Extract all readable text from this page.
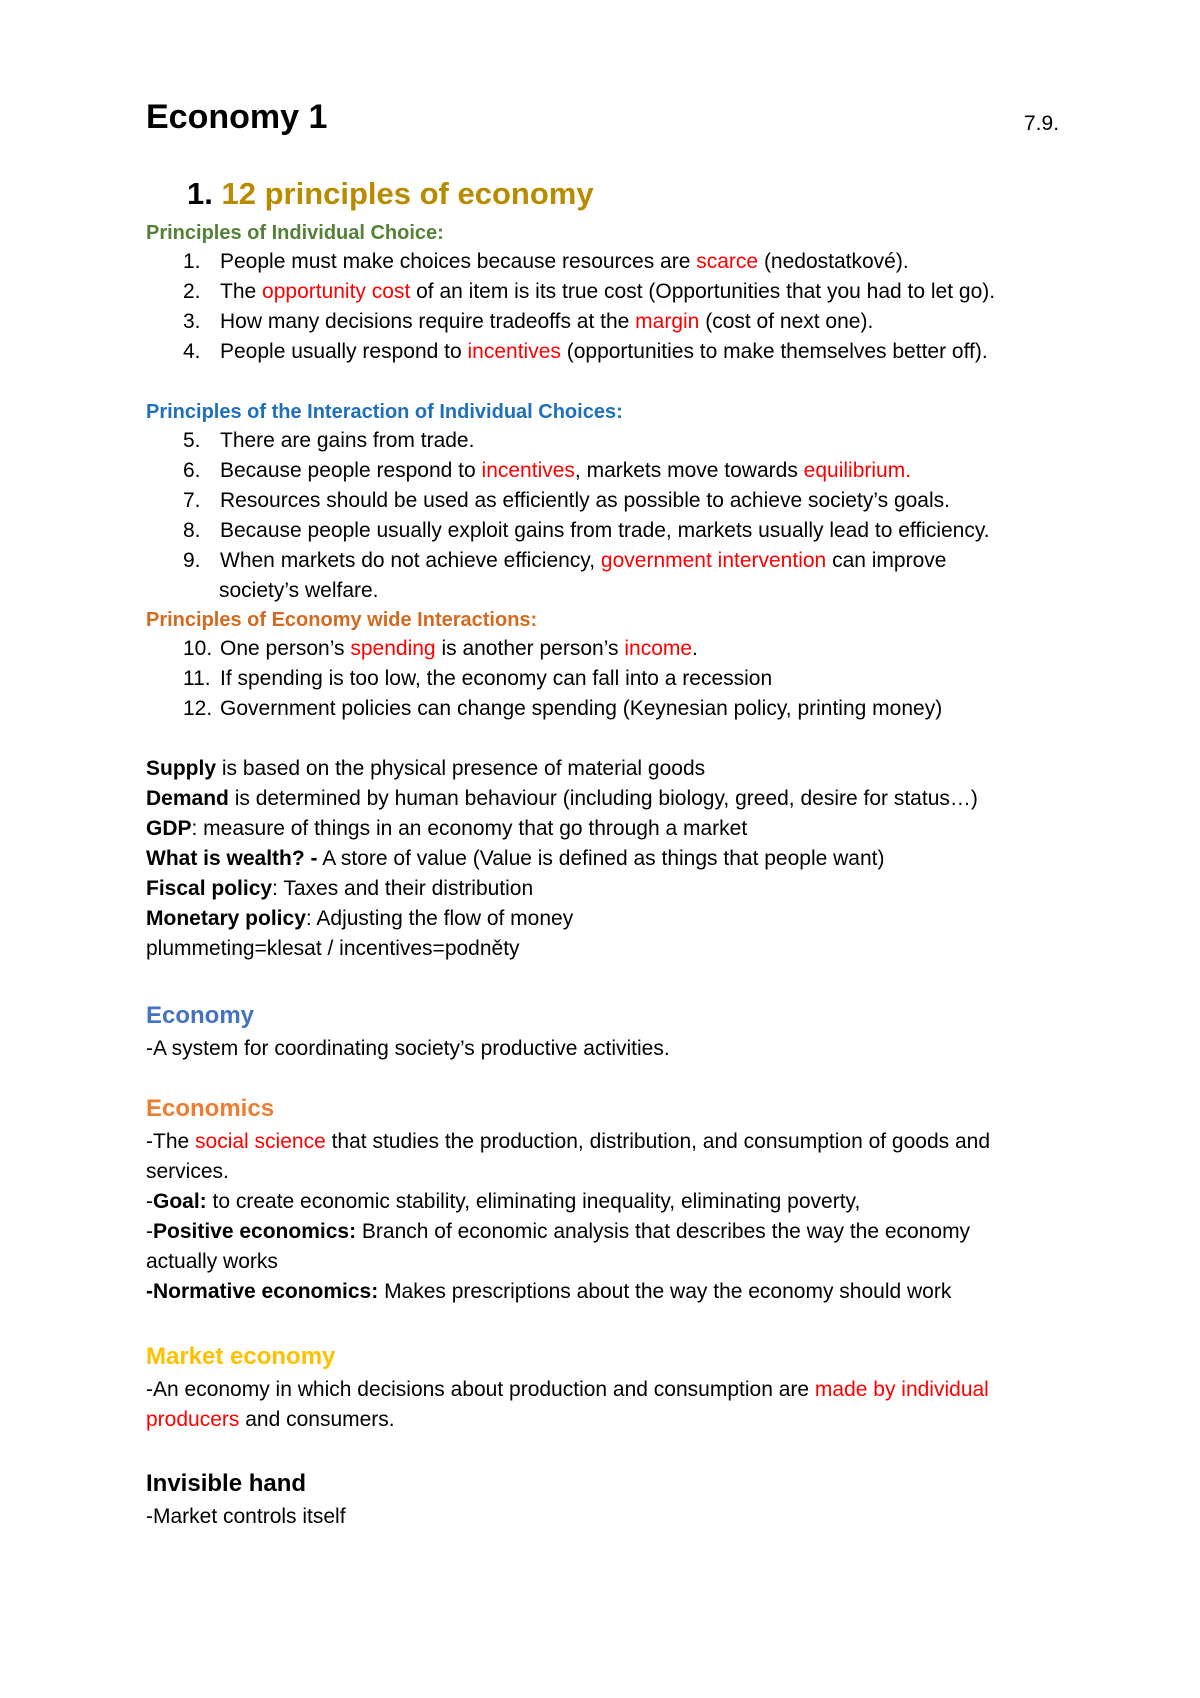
Economy 1	7.9.
1. 12 principles of economy
Principles of Individual Choice:
1. People must make choices because resources are scarce (nedostatkové).
2. The opportunity cost of an item is its true cost (Opportunities that you had to let go).
3. How many decisions require tradeoffs at the margin (cost of next one).
4. People usually respond to incentives (opportunities to make themselves better off).
Principles of the Interaction of Individual Choices:
5. There are gains from trade.
6. Because people respond to incentives, markets move towards equilibrium.
7. Resources should be used as efficiently as possible to achieve society’s goals.
8. Because people usually exploit gains from trade, markets usually lead to efficiency.
9. When markets do not achieve efficiency, government intervention can improve
society’s welfare.
Principles of Economy wide Interactions:
10. One person’s spending is another person’s income.
11. If spending is too low, the economy can fall into a recession
12. Government policies can change spending (Keynesian policy, printing money)
Supply is based on the physical presence of material goods
Demand is determined by human behaviour (including biology, greed, desire for status…)
GDP: measure of things in an economy that go through a market
What is wealth? - A store of value (Value is defined as things that people want)
Fiscal policy: Taxes and their distribution
Monetary policy: Adjusting the flow of money
plummeting=klesat / incentives=podněty
Economy
-A system for coordinating society’s productive activities.
Economics
-The social science that studies the production, distribution, and consumption of goods and
services.
-Goal: to create economic stability, eliminating inequality, eliminating poverty,
-Positive economics: Branch of economic analysis that describes the way the economy
actually works
-Normative economics: Makes prescriptions about the way the economy should work
Market economy
-An economy in which decisions about production and consumption are made by individual
producers and consumers.
Invisible hand
-Market controls itself
